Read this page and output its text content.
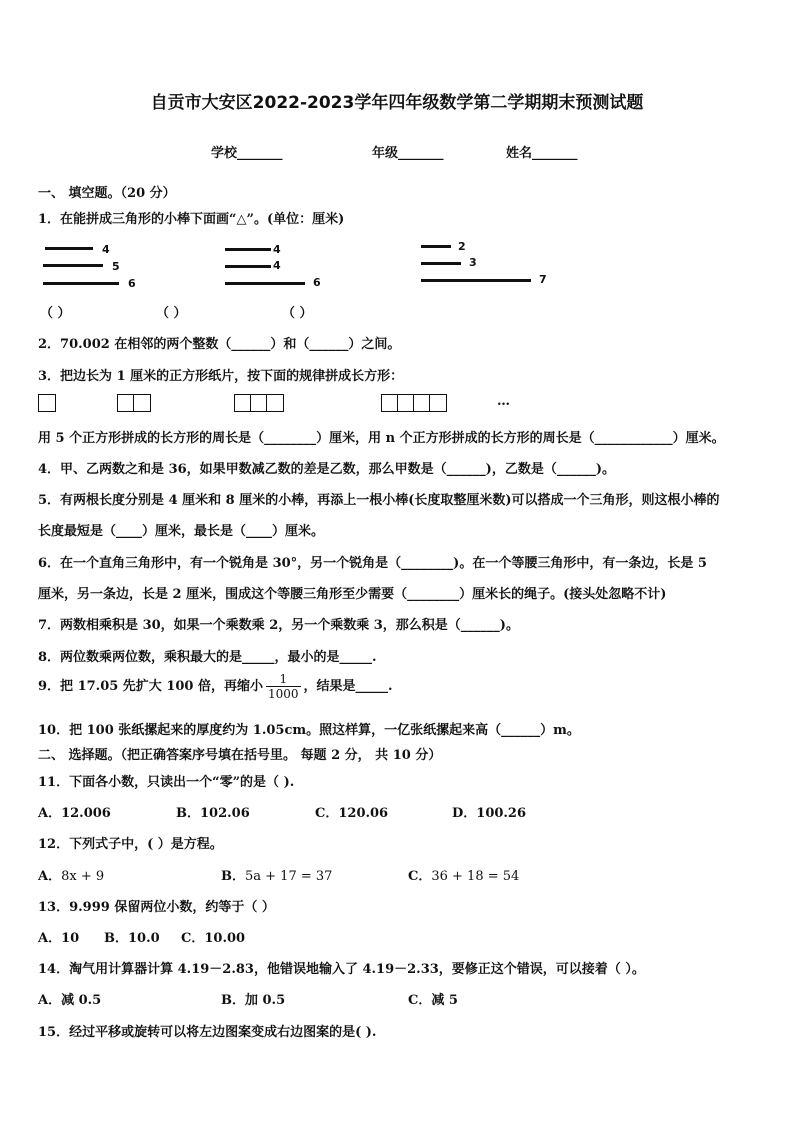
自贡市大安区2022-2023学年四年级数学第二学期期末预测试题
学校_______	年级_______	姓名_______
一、 填空题。（20 分）
1．在能拼成三角形的小棒下面画“△”。(单位：厘米)
4
5
6
（ ）
4
4
6
（ ）
2
3
7
（ ）
2．70.002 在相邻的两个整数（______）和（______）之间。
3．把边长为 1 厘米的正方形纸片，按下面的规律拼成长方形：
…
用 5 个正方形拼成的长方形的周长是（________）厘米，用 n 个正方形拼成的长方形的周长是（____________）厘米。
4．甲、乙两数之和是 36，如果甲数减乙数的差是乙数，那么甲数是（______)，乙数是（______)。
5．有两根长度分别是 4 厘米和 8 厘米的小棒，再添上一根小棒(长度取整厘米数)可以搭成一个三角形，则这根小棒的
长度最短是（____）厘米，最长是（____）厘米。
6．在一个直角三角形中，有一个锐角是 30°，另一个锐角是（________)。在一个等腰三角形中，有一条边，长是 5
厘米，另一条边，长是 2 厘米，围成这个等腰三角形至少需要（________）厘米长的绳子。(接头处忽略不计)
7．两数相乘积是 30，如果一个乘数乘 2，另一个乘数乘 3，那么积是（______)。
8．两位数乘两位数，乘积最大的是_____，最小的是_____.
9．把 17.05 先扩大 100 倍，再缩小 $\frac{1}{1000}$ ，结果是_____.
10．把 100 张纸摞起来的厚度约为 1.05cm。照这样算，一亿张纸摞起来高（______）m。
二、 选择题。（把正确答案序号填在括号里。 每题 2 分， 共 10 分）
11．下面各小数，只读出一个“零”的是（ ).
A．12.006	B．102.06	C．120.06	D．100.26
12．下列式子中，( ）是方程。
A．8x + 9	B．5a + 17 = 37	C．36 + 18 = 54
13．9.999 保留两位小数，约等于（ ）
A．10 B．10.0 C．10.00
14．淘气用计算器计算 4.19－2.83，他错误地输入了 4.19－2.33，要修正这个错误，可以接着（ ）。
A．减 0.5	B．加 0.5	C．减 5
15．经过平移或旋转可以将左边图案变成右边图案的是( ).
